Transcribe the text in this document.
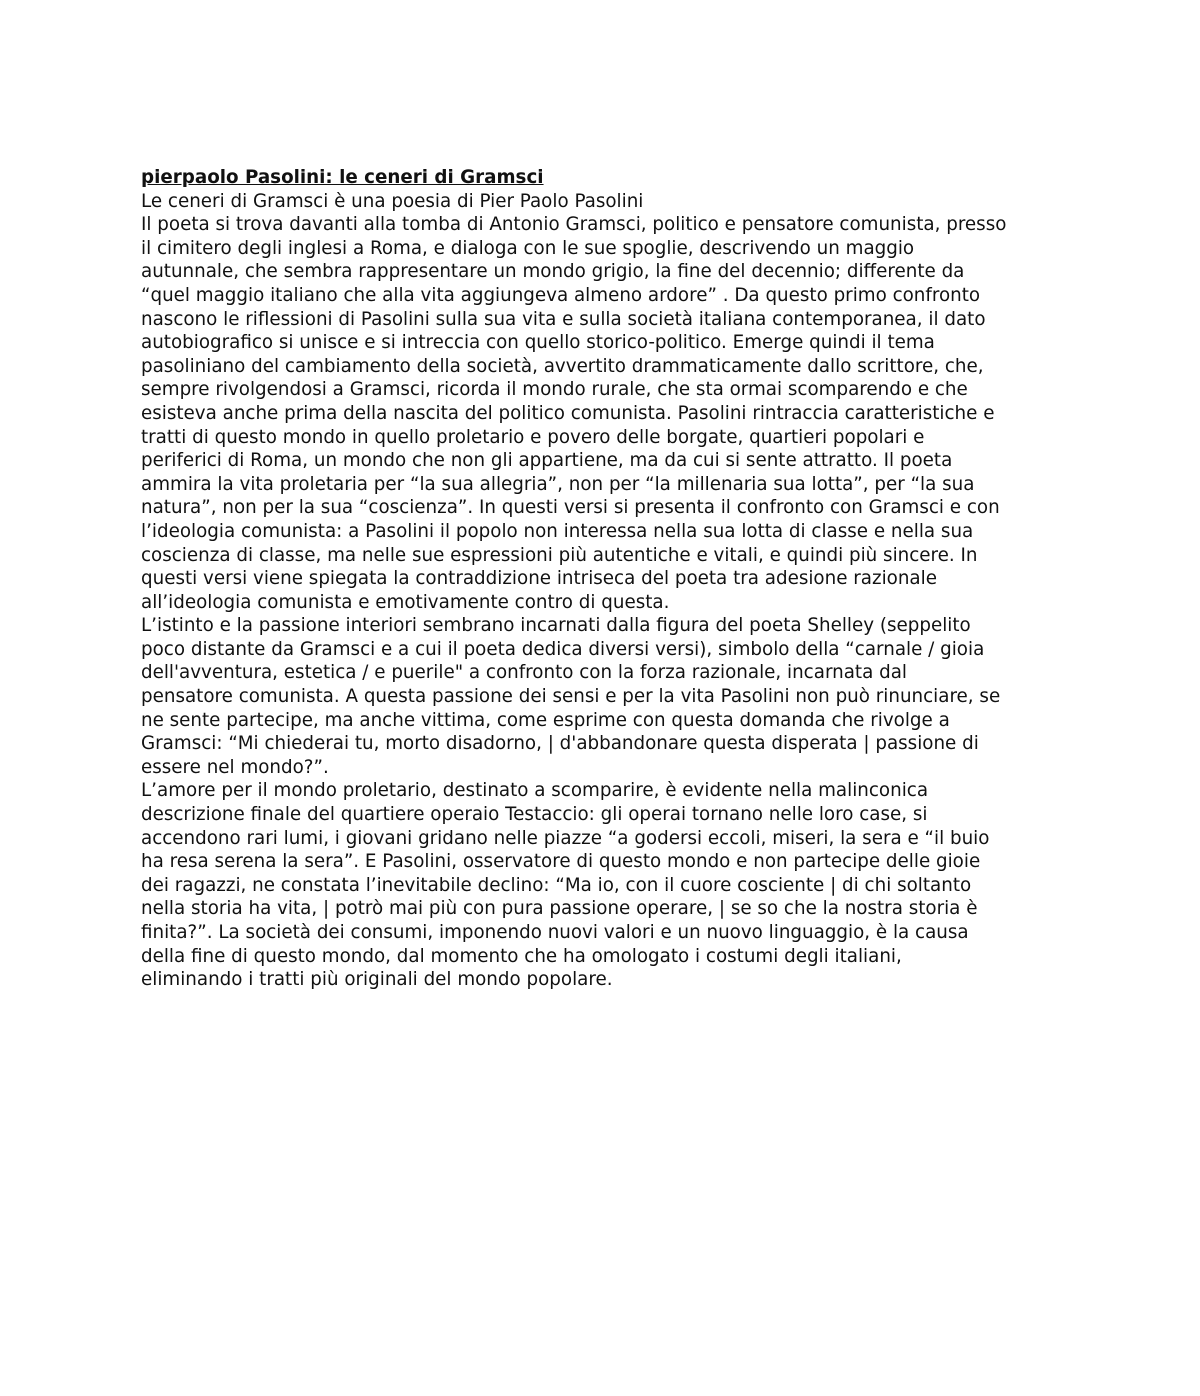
pierpaolo Pasolini: le ceneri di Gramsci
Le ceneri di Gramsci è una poesia di Pier Paolo Pasolini
Il poeta si trova davanti alla tomba di Antonio Gramsci, politico e pensatore comunista, presso
il cimitero degli inglesi a Roma, e dialoga con le sue spoglie, descrivendo un maggio
autunnale, che sembra rappresentare un mondo grigio, la fine del decennio; differente da
“quel maggio italiano che alla vita aggiungeva almeno ardore” . Da questo primo confronto
nascono le riflessioni di Pasolini sulla sua vita e sulla società italiana contemporanea, il dato
autobiografico si unisce e si intreccia con quello storico-politico. Emerge quindi il tema
pasoliniano del cambiamento della società, avvertito drammaticamente dallo scrittore, che,
sempre rivolgendosi a Gramsci, ricorda il mondo rurale, che sta ormai scomparendo e che
esisteva anche prima della nascita del politico comunista. Pasolini rintraccia caratteristiche e
tratti di questo mondo in quello proletario e povero delle borgate, quartieri popolari e
periferici di Roma, un mondo che non gli appartiene, ma da cui si sente attratto. Il poeta
ammira la vita proletaria per “la sua allegria”, non per “la millenaria sua lotta”, per “la sua
natura”, non per la sua “coscienza”. In questi versi si presenta il confronto con Gramsci e con
l’ideologia comunista: a Pasolini il popolo non interessa nella sua lotta di classe e nella sua
coscienza di classe, ma nelle sue espressioni più autentiche e vitali, e quindi più sincere. In
questi versi viene spiegata la contraddizione intriseca del poeta tra adesione razionale
all’ideologia comunista e emotivamente contro di questa.
L’istinto e la passione interiori sembrano incarnati dalla figura del poeta Shelley (seppelito
poco distante da Gramsci e a cui il poeta dedica diversi versi), simbolo della “carnale / gioia
dell'avventura, estetica / e puerile" a confronto con la forza razionale, incarnata dal
pensatore comunista. A questa passione dei sensi e per la vita Pasolini non può rinunciare, se
ne sente partecipe, ma anche vittima, come esprime con questa domanda che rivolge a
Gramsci: “Mi chiederai tu, morto disadorno, | d'abbandonare questa disperata | passione di
essere nel mondo?”.
L’amore per il mondo proletario, destinato a scomparire, è evidente nella malinconica
descrizione finale del quartiere operaio Testaccio: gli operai tornano nelle loro case, si
accendono rari lumi, i giovani gridano nelle piazze “a godersi eccoli, miseri, la sera e “il buio
ha resa serena la sera”. E Pasolini, osservatore di questo mondo e non partecipe delle gioie
dei ragazzi, ne constata l’inevitabile declino: “Ma io, con il cuore cosciente | di chi soltanto
nella storia ha vita, | potrò mai più con pura passione operare, | se so che la nostra storia è
finita?”. La società dei consumi, imponendo nuovi valori e un nuovo linguaggio, è la causa
della fine di questo mondo, dal momento che ha omologato i costumi degli italiani,
eliminando i tratti più originali del mondo popolare.
